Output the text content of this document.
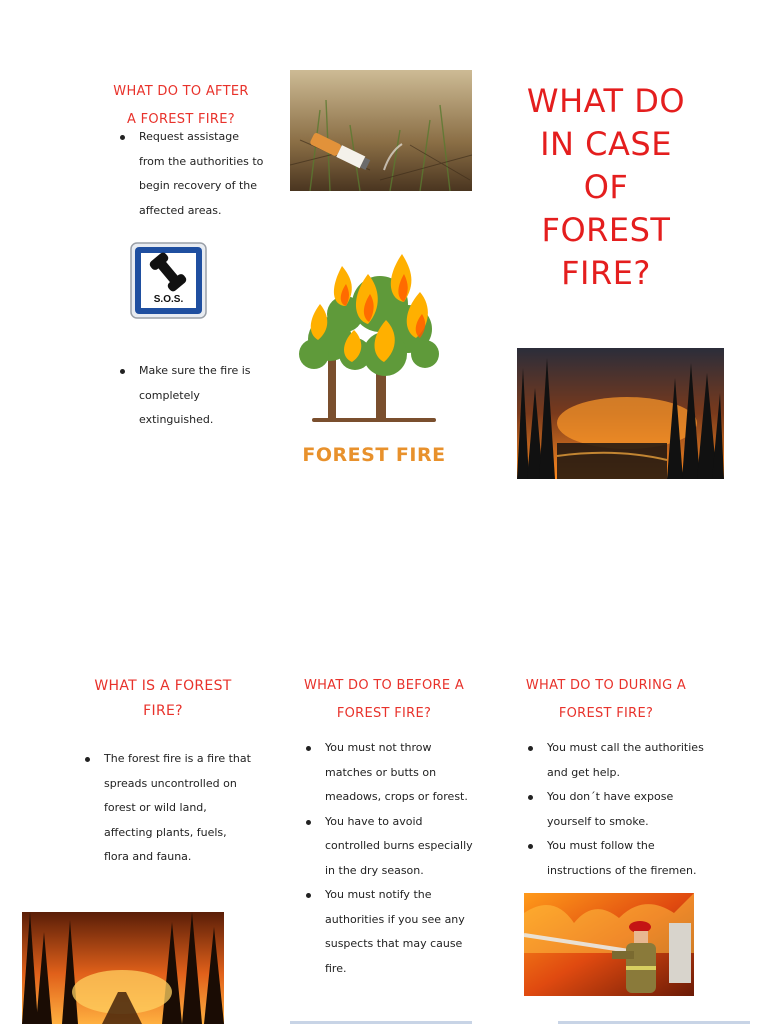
WHAT DO TO AFTER
A FOREST FIRE?
Request assistage from the authorities to begin recovery of the affected areas.
S.O.S.
Make sure the fire is completely extinguished.
FOREST FIRE
WHAT DO
IN CASE
OF
FOREST
FIRE?
WHAT IS A FOREST
FIRE?
The forest fire is a fire that spreads uncontrolled on forest or wild land, affecting plants, fuels, flora and fauna.
WHAT DO TO BEFORE A
FOREST FIRE?
You must not throw matches or butts on meadows, crops or forest.
You have to avoid controlled burns especially in the dry season.
You must notify the authorities if you see any suspects that may cause fire.
WHAT DO TO DURING A
FOREST FIRE?
You must call the authorities and get help.
You don´t have expose yourself to smoke.
You must follow the instructions of the firemen.
